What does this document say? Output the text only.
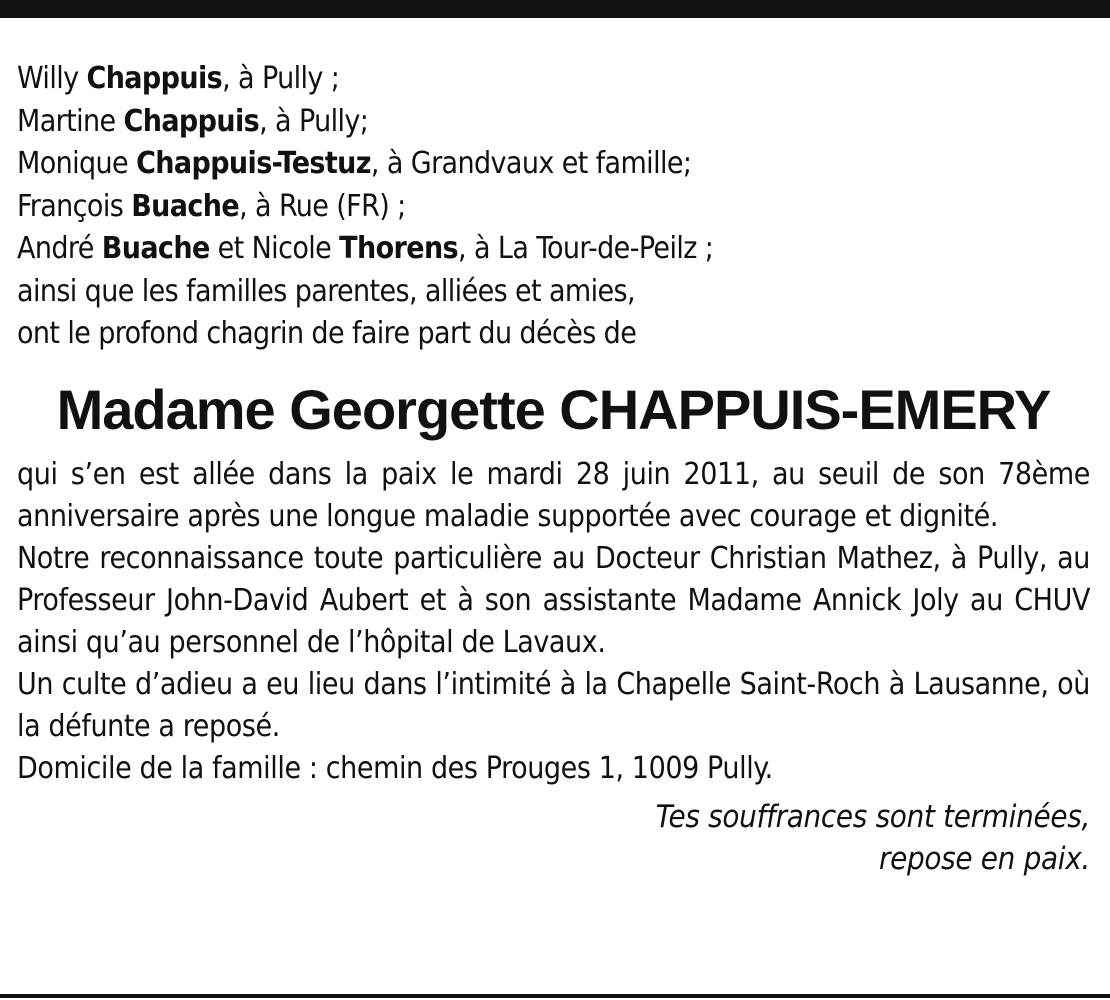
Willy Chappuis, à Pully ;
Martine Chappuis, à Pully;
Monique Chappuis-Testuz, à Grandvaux et famille;
François Buache, à Rue (FR) ;
André Buache et Nicole Thorens, à La Tour-de-Peilz ;
ainsi que les familles parentes, alliées et amies,
ont le profond chagrin de faire part du décès de
Madame Georgette CHAPPUIS-EMERY
qui s’en est allée dans la paix le mardi 28 juin 2011, au seuil de son 78ème anniversaire après une longue maladie supportée avec courage et dignité.
Notre reconnaissance toute particulière au Docteur Christian Mathez, à Pully, au Professeur John-David Aubert et à son assistante Madame Annick Joly au CHUV ainsi qu’au personnel de l’hôpital de Lavaux.
Un culte d’adieu a eu lieu dans l’intimité à la Chapelle Saint-Roch à Lausanne, où la défunte a reposé.
Domicile de la famille : chemin des Prouges 1, 1009 Pully.
Tes souffrances sont terminées,
repose en paix.
